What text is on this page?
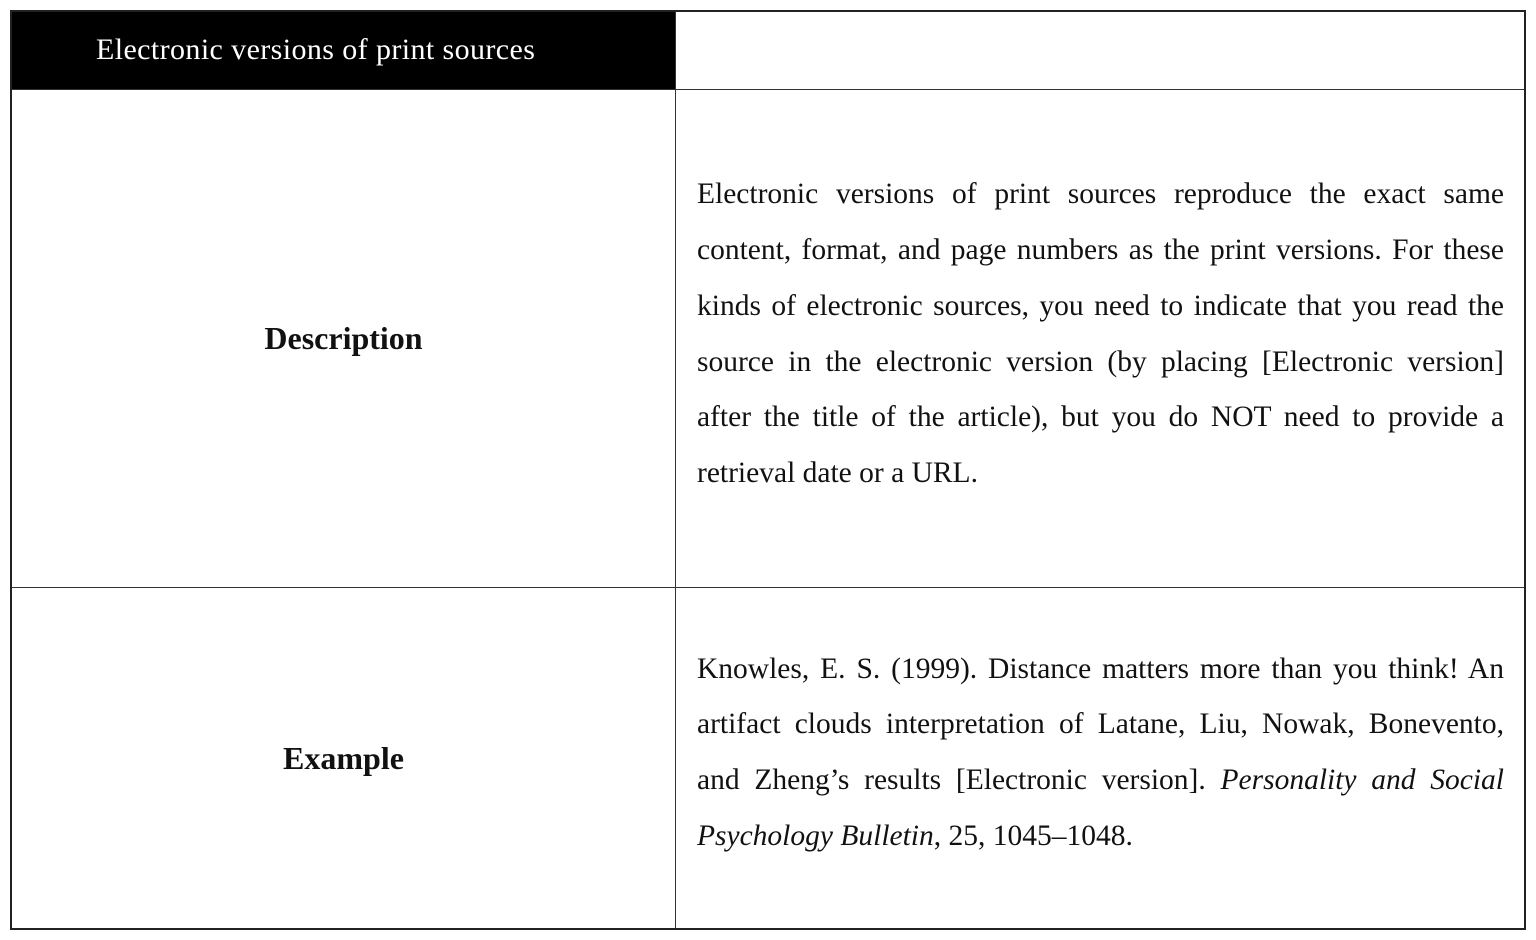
Electronic versions of print sources
Description

Electronic versions of print sources reproduce the exact same content, format, and page numbers as the print versions. For these kinds of electronic sources, you need to indicate that you read the source in the electronic version (by placing [Electronic version] after the title of the article), but you do NOT need to provide a retrieval date or a URL.

Example

Knowles, E. S. (1999). Distance matters more than you think! An artifact clouds interpretation of Latane, Liu, Nowak, Bonevento, and Zheng’s results [Electronic version]. Personality and Social Psychology Bulletin, 25, 1045–1048.
